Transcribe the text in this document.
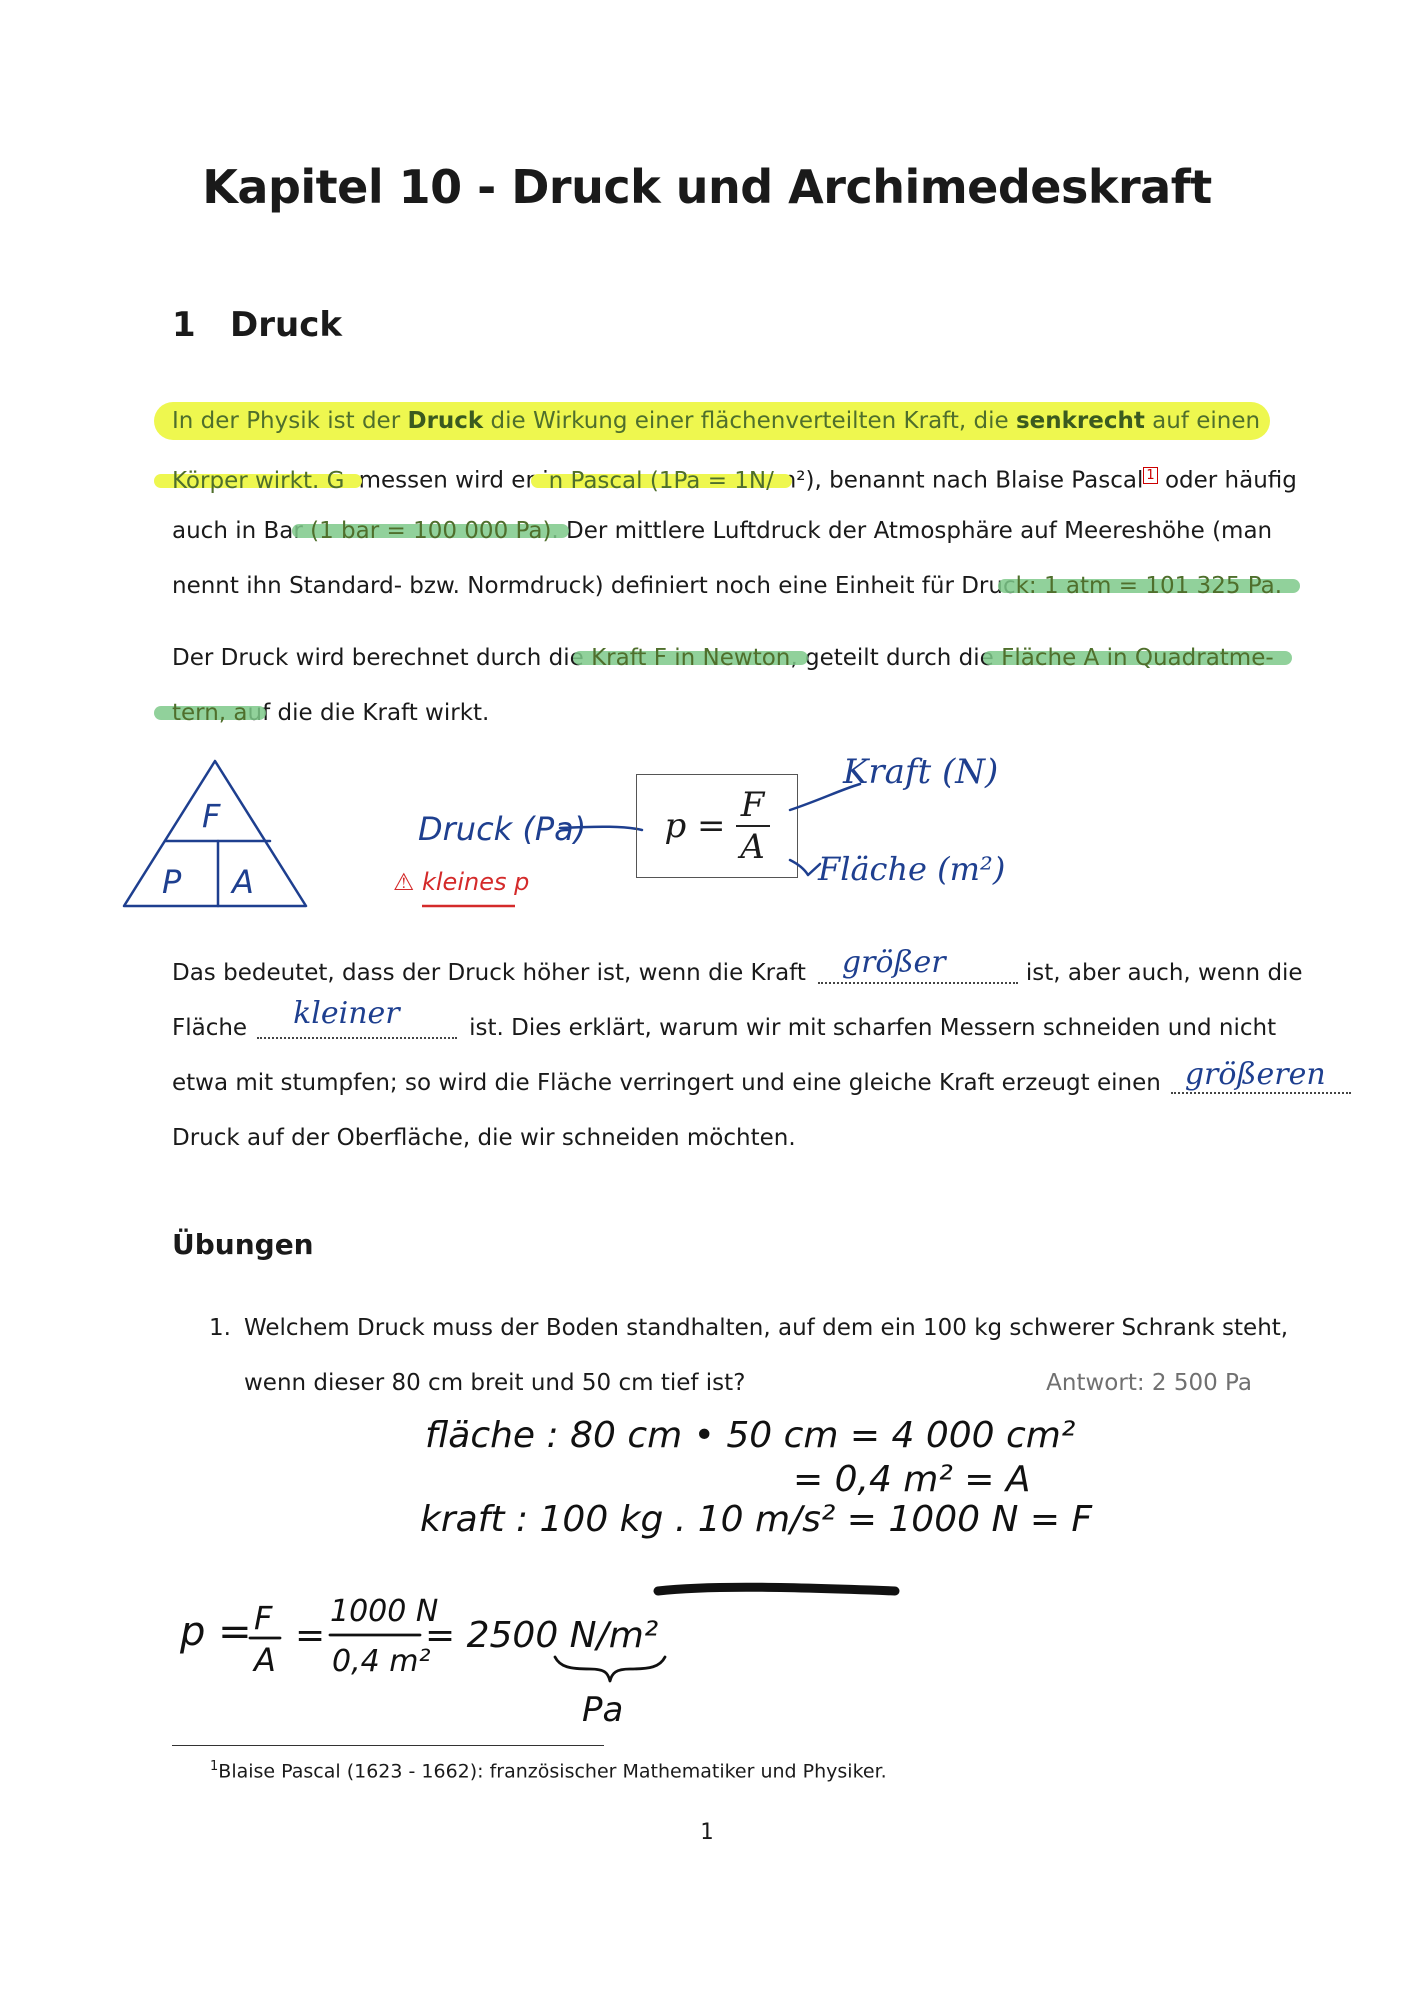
Kapitel 10 - Druck und Archimedeskraft
1 Druck
In der Physik ist der Druck die Wirkung einer flächenverteilten Kraft, die senkrecht auf einen
Körper wirkt. Gemessen wird er in Pascal (1Pa = 1N/m²), benannt nach Blaise Pascal $^1$ oder häufig
auch in Bar (1 bar = 100 000 Pa). Der mittlere Luftdruck der Atmosphäre auf Meereshöhe (man
nennt ihn Standard- bzw. Normdruck) definiert noch eine Einheit für Druck: 1 atm = 101 325 Pa.
Der Druck wird berechnet durch die Kraft F in Newton, geteilt durch die Fläche A in Quadratme-
tern, auf die die Kraft wirkt.
F
P A
Druck (Pa)
⚠ kleines p
p =
F
A
Kraft (N)
Fläche (m²)
Das bedeutet, dass der Druck höher ist, wenn die Kraft größer	ist, aber auch, wenn die
Fläche kleiner	ist. Dies erklärt, warum wir mit scharfen Messern schneiden und nicht
etwa mit stumpfen; so wird die Fläche verringert und eine gleiche Kraft erzeugt einen größeren

Druck auf der Oberfläche, die wir schneiden möchten.
Übungen
1. Welchem Druck muss der Boden standhalten, auf dem ein 100 kg schwerer Schrank steht,
wenn dieser 80 cm breit und 50 cm tief ist?	Antwort: 2 500 Pa
fläche : 80 cm • 50 cm = 4 000 cm²
= 0,4 m² = A
kraft : 100 kg . 10 m/s² = 1000 N = F
p = F
A
=
1000 N
0,4 m²
= 2500 N/m²
Pa
$^1$Blaise Pascal (1623 - 1662): französischer Mathematiker und Physiker.
1
